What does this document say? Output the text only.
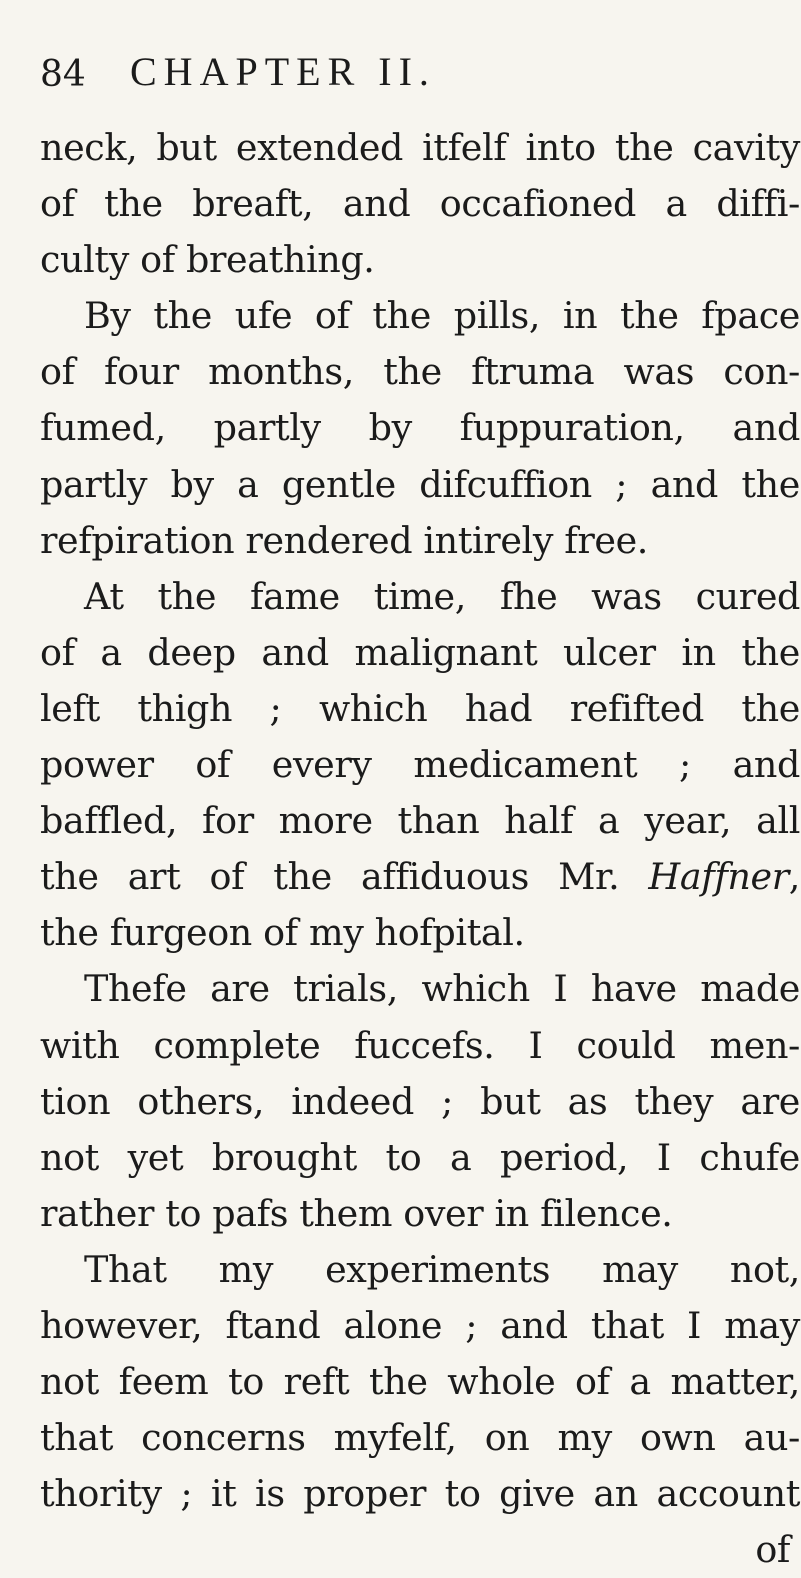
84 CHAPTER II.
neck, but extended itfelf into the cavity
of the breaft, and occafioned a diffi-
culty of breathing.
By the ufe of the pills, in the fpace
of four months, the ftruma was con-
fumed, partly by fuppuration, and
partly by a gentle difcuffion ; and the
refpiration rendered intirely free.
At the fame time, fhe was cured
of a deep and malignant ulcer in the
left thigh ; which had refifted the
power of every medicament ; and
baffled, for more than half a year, all
the art of the affiduous Mr. Haffner,
the furgeon of my hofpital.
Thefe are trials, which I have made
with complete fuccefs. I could men-
tion others, indeed ; but as they are
not yet brought to a period, I chufe
rather to pafs them over in filence.
That my experiments may not,
however, ftand alone ; and that I may
not feem to reft the whole of a matter,
that concerns myfelf, on my own au-
thority ; it is proper to give an account
of
